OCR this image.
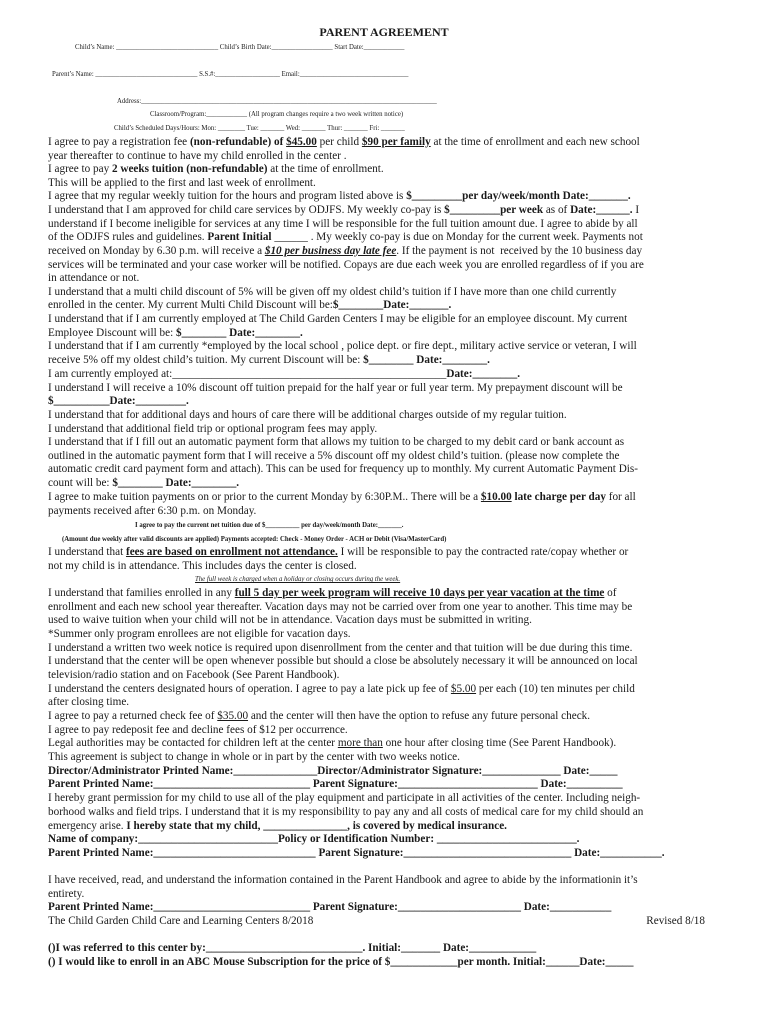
PARENT AGREEMENT
Child’s Name: ______________________________ Child’s Birth Date:__________________ Start Date:____________
Parent’s Name: ______________________________ S.S.#:___________________ Email:________________________________
Address:_______________________________________________________________________________________
Classroom/Program:____________ (All program changes require a two week written notice)
Child’s Scheduled Days/Hours: Mon: ________ Tue: _______ Wed: _______ Thur: _______ Fri: _______
I agree to pay a registration fee (non-refundable) of $45.00 per child $90 per family at the time of enrollment and each new school
year thereafter to continue to have my child enrolled in the center .
I agree to pay 2 weeks tuition (non-refundable) at the time of enrollment.
This will be applied to the first and last week of enrollment.
I agree that my regular weekly tuition for the hours and program listed above is $_________per day/week/month Date:_______.
I understand that I am approved for child care services by ODJFS. My weekly co-pay is $_________per week as of Date:______. I
understand if I become ineligible for services at any time I will be responsible for the full tuition amount due. I agree to abide by all
of the ODJFS rules and guidelines. Parent Initial ______ . My weekly co-pay is due on Monday for the current week. Payments not
received on Monday by 6.30 p.m. will receive a $10 per business day late fee. If the payment is not  received by the 10 business day
services will be terminated and your case worker will be notified. Copays are due each week you are enrolled regardless of if you are
in attendance or not.
I understand that a multi child discount of 5% will be given off my oldest child’s tuition if I have more than one child currently
enrolled in the center. My current Multi Child Discount will be:$________Date:_______.
I understand that if I am currently employed at The Child Garden Centers I may be eligible for an employee discount. My current
Employee Discount will be: $________ Date:________.
I understand that if I am currently *employed by the local school , police dept. or fire dept., military active service or veteran, I will
receive 5% off my oldest child’s tuition. My current Discount will be: $________ Date:________.
I am currently employed at:_________________________________________________Date:________.
I understand I will receive a 10% discount off tuition prepaid for the half year or full year term. My prepayment discount will be
$__________Date:_________.
I understand that for additional days and hours of care there will be additional charges outside of my regular tuition.
I understand that additional field trip or optional program fees may apply.
I understand that if I fill out an automatic payment form that allows my tuition to be charged to my debit card or bank account as
outlined in the automatic payment form that I will receive a 5% discount off my oldest child’s tuition. (please now complete the
automatic credit card payment form and attach). This can be used for frequency up to monthly. My current Automatic Payment Dis-
count will be: $________ Date:________.
I agree to make tuition payments on or prior to the current Monday by 6:30P.M.. There will be a $10.00 late charge per day for all
payments received after 6:30 p.m. on Monday.
I agree to pay the current net tuition due of $__________ per day/week/month Date:_______.
(Amount due weekly after valid discounts are applied) Payments accepted: Check - Money Order - ACH or Debit (Visa/MasterCard)
I understand that fees are based on enrollment not attendance. I will be responsible to pay the contracted rate/copay whether or
not my child is in attendance. This includes days the center is closed.
The full week is charged when a holiday or closing occurs during the week.
I understand that families enrolled in any full 5 day per week program will receive 10 days per year vacation at the time of
enrollment and each new school year thereafter. Vacation days may not be carried over from one year to another. This time may be
used to waive tuition when your child will not be in attendance. Vacation days must be submitted in writing.
*Summer only program enrollees are not eligible for vacation days.
I understand a written two week notice is required upon disenrollment from the center and that tuition will be due during this time.
I understand that the center will be open whenever possible but should a close be absolutely necessary it will be announced on local
television/radio station and on Facebook (See Parent Handbook).
I understand the centers designated hours of operation. I agree to pay a late pick up fee of $5.00 per each (10) ten minutes per child
after closing time.
I agree to pay a returned check fee of $35.00 and the center will then have the option to refuse any future personal check.
I agree to pay redeposit fee and decline fees of $12 per occurrence.
Legal authorities may be contacted for children left at the center more than one hour after closing time (See Parent Handbook).
This agreement is subject to change in whole or in part by the center with two weeks notice.
Director/Administrator Printed Name:_______________Director/Administrator Signature:______________ Date:_____
Parent Printed Name:____________________________ Parent Signature:_________________________ Date:__________
I hereby grant permission for my child to use all of the play equipment and participate in all activities of the center. Including neigh-
borhood walks and field trips. I understand that it is my responsibility to pay any and all costs of medical care for my child should an
emergency arise. I hereby state that my child, _______________, is covered by medical insurance.
Name of company:_________________________Policy or Identification Number: _________________________.
Parent Printed Name:_____________________________ Parent Signature:______________________________ Date:___________.
I have received, read, and understand the information contained in the Parent Handbook and agree to abide by the informationin it’s
entirety.
Parent Printed Name:____________________________ Parent Signature:______________________ Date:___________
The Child Garden Child Care and Learning Centers 8/2018	Revised 8/18
()I was referred to this center by:____________________________. Initial:_______ Date:____________
() I would like to enroll in an ABC Mouse Subscription for the price of $____________per month. Initial:______Date:_____
